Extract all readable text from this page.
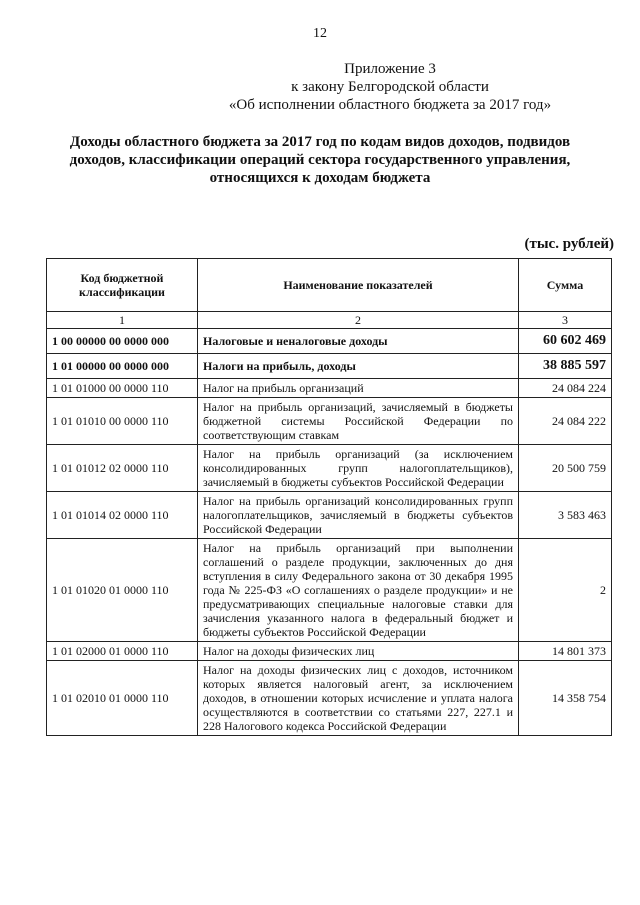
12
Приложение 3
к закону Белгородской области
«Об исполнении областного бюджета за 2017 год»
Доходы областного бюджета за 2017 год по кодам видов доходов, подвидов
доходов, классификации операций сектора государственного управления,
относящихся к доходам бюджета
(тыс. рублей)
Код бюджетной классификации	Наименование показателей	Сумма
1	2	3
1 00 00000 00 0000 000	Налоговые и неналоговые доходы	60 602 469
1 01 00000 00 0000 000	Налоги на прибыль, доходы	38 885 597
1 01 01000 00 0000 110	Налог на прибыль организаций	24 084 224
1 01 01010 00 0000 110	Налог на прибыль организаций, зачисляемый в бюджеты бюджетной системы Российской Федерации по соответствующим ставкам	24 084 222
1 01 01012 02 0000 110	Налог на прибыль организаций (за исключением консолидированных групп налогоплательщиков), зачисляемый в бюджеты субъектов Российской Федерации	20 500 759
1 01 01014 02 0000 110	Налог на прибыль организаций консолидированных групп налогоплательщиков, зачисляемый в бюджеты субъектов Российской Федерации	3 583 463
1 01 01020 01 0000 110	Налог на прибыль организаций при выполнении соглашений о разделе продукции, заключенных до дня вступления в силу Федерального закона от 30 декабря 1995 года № 225-ФЗ «О соглашениях о разделе продукции» и не предусматривающих специальные налоговые ставки для зачисления указанного налога в федеральный бюджет и бюджеты субъектов Российской Федерации	2
1 01 02000 01 0000 110	Налог на доходы физических лиц	14 801 373
1 01 02010 01 0000 110	Налог на доходы физических лиц с доходов, источником которых является налоговый агент, за исключением доходов, в отношении которых исчисление и уплата налога осуществляются в соответствии со статьями 227, 227.1 и 228 Налогового кодекса Российской Федерации	14 358 754
